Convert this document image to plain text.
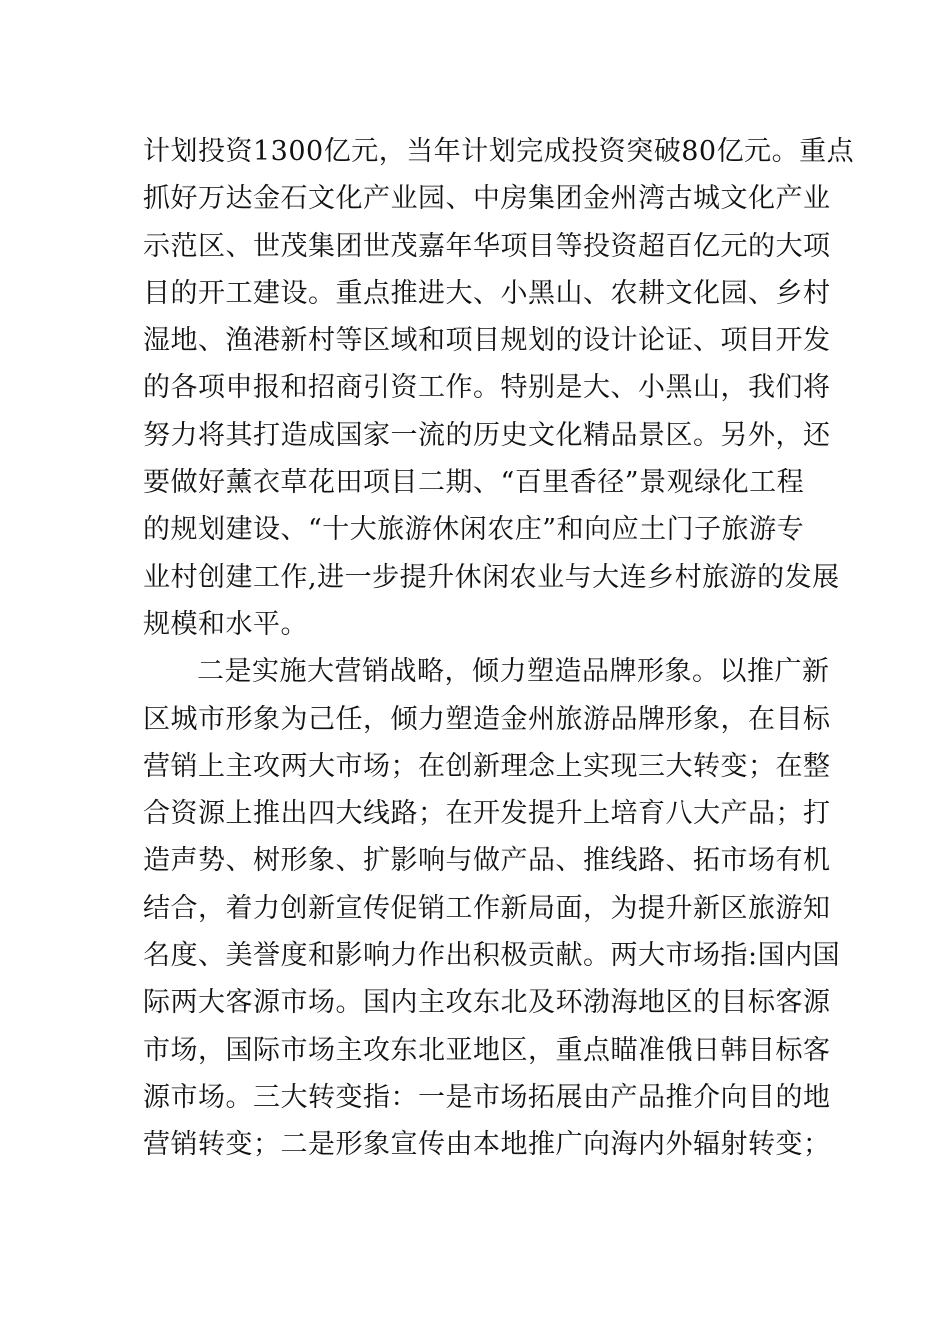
计划投资1300亿元，当年计划完成投资突破80亿元。重点
抓好万达金石文化产业园、中房集团金州湾古城文化产业
示范区、世茂集团世茂嘉年华项目等投资超百亿元的大项
目的开工建设。重点推进大、小黑山、农耕文化园、乡村
湿地、渔港新村等区域和项目规划的设计论证、项目开发
的各项申报和招商引资工作。特别是大、小黑山，我们将
努力将其打造成国家一流的历史文化精品景区。另外，还
要做好薰衣草花田项目二期、“百里香径”景观绿化工程
的规划建设、“十大旅游休闲农庄”和向应土门子旅游专
业村创建工作,进一步提升休闲农业与大连乡村旅游的发展
规模和水平。
二是实施大营销战略，倾力塑造品牌形象。以推广新
区城市形象为己任，倾力塑造金州旅游品牌形象，在目标
营销上主攻两大市场；在创新理念上实现三大转变；在整
合资源上推出四大线路；在开发提升上培育八大产品；打
造声势、树形象、扩影响与做产品、推线路、拓市场有机
结合，着力创新宣传促销工作新局面，为提升新区旅游知
名度、美誉度和影响力作出积极贡献。两大市场指:国内国
际两大客源市场。国内主攻东北及环渤海地区的目标客源
市场，国际市场主攻东北亚地区，重点瞄准俄日韩目标客
源市场。三大转变指：一是市场拓展由产品推介向目的地
营销转变；二是形象宣传由本地推广向海内外辐射转变；
